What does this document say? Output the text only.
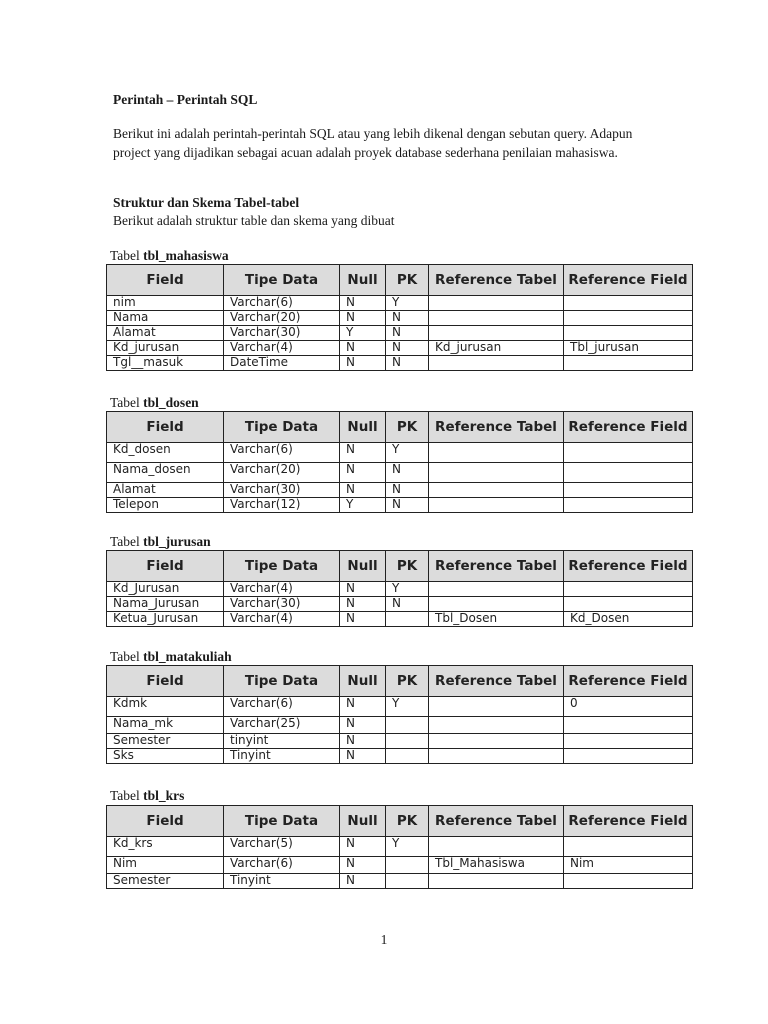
Perintah – Perintah SQL
Berikut ini adalah perintah-perintah SQL atau yang lebih dikenal dengan sebutan query. Adapun project yang dijadikan sebagai acuan adalah proyek database sederhana penilaian mahasiswa.
Struktur dan Skema Tabel-tabel
Berikut adalah struktur table dan skema yang dibuat
Tabel tbl_mahasiswa
Field	Tipe Data	Null	PK	Reference Tabel	Reference Field
nim	Varchar(6)	N	Y		
Nama	Varchar(20)	N	N		
Alamat	Varchar(30)	Y	N		
Kd_jurusan	Varchar(4)	N	N	Kd_jurusan	Tbl_jurusan
Tgl__masuk	DateTime	N	N		
Tabel tbl_dosen
Field	Tipe Data	Null	PK	Reference Tabel	Reference Field
Kd_dosen	Varchar(6)	N	Y		
Nama_dosen	Varchar(20)	N	N		
Alamat	Varchar(30)	N	N		
Telepon	Varchar(12)	Y	N		
Tabel tbl_jurusan
Field	Tipe Data	Null	PK	Reference Tabel	Reference Field
Kd_Jurusan	Varchar(4)	N	Y		
Nama_Jurusan	Varchar(30)	N	N		
Ketua_Jurusan	Varchar(4)	N		Tbl_Dosen	Kd_Dosen
Tabel tbl_matakuliah
Field	Tipe Data	Null	PK	Reference Tabel	Reference Field
Kdmk	Varchar(6)	N	Y		0
Nama_mk	Varchar(25)	N			
Semester	tinyint	N			
Sks	Tinyint	N			
Tabel tbl_krs
Field	Tipe Data	Null	PK	Reference Tabel	Reference Field
Kd_krs	Varchar(5)	N	Y		
Nim	Varchar(6)	N		Tbl_Mahasiswa	Nim
Semester	Tinyint	N			
1
